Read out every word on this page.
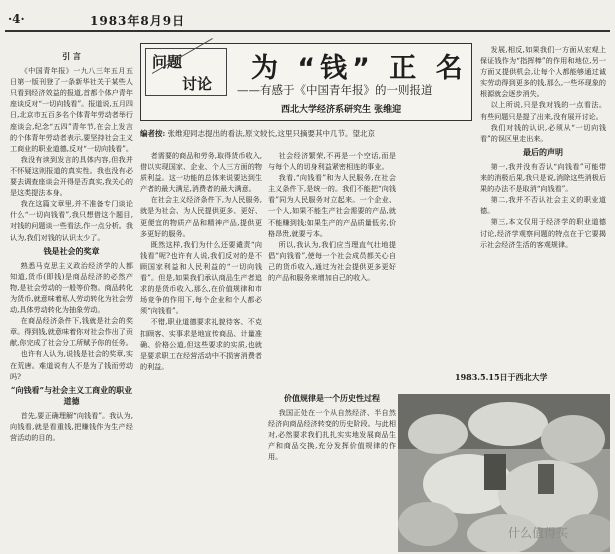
·4·	1983年8月9日
问题
讨论 为 “钱” 正 名
——有感于《中国青年报》的一则报道
西北大学经济系研究生 张维迎
编者按: 张维迎同志提出的看法,原文较长,这里只摘要其中几节。望北京
引 言

《中国青年报》一九八三年五月五日第一版刊登了一条新华社关于某些人只看到经济效益的报道,首都个体户青年座谈反对“一切向钱看”。报道说,五月四日,北京市五百多名个体青年劳动者举行座谈会,纪念“五四”青年节,在会上发言的个体青年劳动者表示,要坚持社会主义工商业的职业道德,反对“一切向钱看”。

我没有读到发言的具体内容,但我并不怀疑这则报道的真实性。我也没有必要去调查座谈会开得是否真实,我关心的是这类提法本身。

我在这篇文章里,并不准备专门谈论什么“一切向钱看”,我只想借这个题目,对钱的问题谈一些看法,作一点分析。我认为,我们对钱的认识太少了。

钱是社会的奖章

熟悉马克思主义政治经济学的人都知道,货币(即钱)是商品经济的必然产物,是社会劳动的一般等价物。商品转化为货币,就意味着私人劳动转化为社会劳动,具体劳动转化为抽象劳动。

在商品经济条件下,钱就是社会的奖章。得到钱,就意味着你对社会作出了贡献,你完成了社会分工所赋予你的任务。

也许有人认为,说钱是社会的奖章,实在荒唐。难道说有人不是为了钱而劳动吗?

“向钱看”与社会主义工商业的职业道德

首先,要正确理解“向钱看”。我认为,向钱看,就是看重钱,把赚钱作为生产经营活动的目的。

者需要的商品和劳务,取得货币收入,借以实现国家、企业、个人三方面的物质利益。这一功能的总体来说要达到生产者的最大满足,消费者的最大满意。

在社会主义经济条件下,为人民服务,就是为社会、为人民提供更多、更好、更便宜的物质产品和精神产品,提供更多更好的服务。

既然这样,我们为什么还要谴责“向钱看”呢?也许有人说,我们反对的是不顾国家利益和人民利益的“一切向钱看”。但是,如果我们承认商品生产者追求的是货币收入,那么,在价值规律和市场竞争的作用下,每个企业和个人都必须“向钱看”。

不错,职业道德要求礼貌待客、不克扣顾客、实事求是地宣传商品、计量准确、价格公道,但这些要求的实质,也就是要求职工在经营活动中不损害消费者的利益。

社会经济繁荣,不再是一个空话,而是与每个人的切身利益紧密相连的事业。

我看,“向钱看”和为人民服务,在社会主义条件下,是统一的。我们不能把“向钱看”同为人民服务对立起来。一个企业、一个人,如果不能生产社会需要的产品,就不能赚到钱;如果生产的产品质量低劣,价格昂贵,就要亏本。

所以,我认为,我们应当理直气壮地提倡“向钱看”,使每一个社会成员都关心自己的货币收入,通过为社会提供更多更好的产品和服务来增加自己的收入。

价值规律是一个历史性过程

我国正处在一个从自然经济、半自然经济向商品经济转变的历史阶段。与此相对,必然要求我们扎扎实实地发展商品生产和商品交换,充分发挥价值规律的作用。

发展,相反,如果我们一方面从宏观上保证钱作为“指挥棒”的作用和地位,另一方面又提供机会,让每个人都能够通过诚实劳动得到更多的钱,那么,一些坏现象的根源就会逐步消失。

以上所说,只是我对钱的一点看法。有些问题只是提了出来,没有展开讨论。

我们对钱的认识,必须从“一切向钱看”的误区里走出来。

最后的声明

第一,我并没有否认“向钱看”可能带来的消极后果,我只是说,消除这些消极后果的办法不是取消“向钱看”。

第二,我并不否认社会主义的职业道德。

第三,本文仅用于经济学的职业道德讨论,经济学观察问题的特点在于它要揭示社会经济生活的客观规律。

1983.5.15日于西北大学
什么值得买
